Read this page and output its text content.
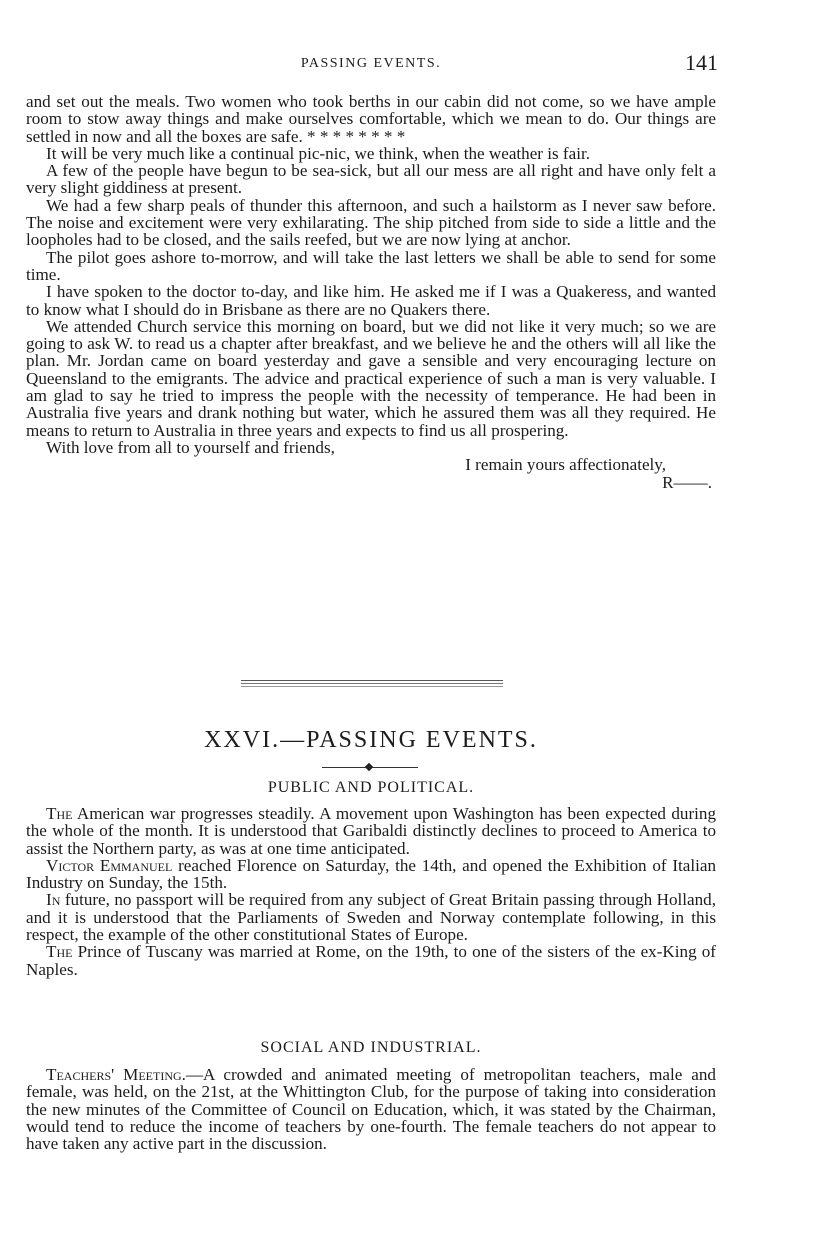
PASSING EVENTS.	141

and set out the meals. Two women who took berths in our cabin did not come, so we have ample room to stow away things and make ourselves comfortable, which we mean to do. Our things are settled in now and all the boxes are safe. * * * * * * * *

It will be very much like a continual pic-nic, we think, when the weather is fair.

A few of the people have begun to be sea-sick, but all our mess are all right and have only felt a very slight giddiness at present.

We had a few sharp peals of thunder this afternoon, and such a hailstorm as I never saw before. The noise and excitement were very exhilarating. The ship pitched from side to side a little and the loopholes had to be closed, and the sails reefed, but we are now lying at anchor.

The pilot goes ashore to-morrow, and will take the last letters we shall be able to send for some time.

I have spoken to the doctor to-day, and like him. He asked me if I was a Quakeress, and wanted to know what I should do in Brisbane as there are no Quakers there.

We attended Church service this morning on board, but we did not like it very much; so we are going to ask W. to read us a chapter after breakfast, and we believe he and the others will all like the plan. Mr. Jordan came on board yesterday and gave a sensible and very encouraging lecture on Queensland to the emigrants. The advice and practical experience of such a man is very valuable. I am glad to say he tried to impress the people with the necessity of temperance. He had been in Australia five years and drank nothing but water, which he assured them was all they required. He means to return to Australia in three years and expects to find us all prospering.

With love from all to yourself and friends,

I remain yours affectionately,

R——.

XXVI.—PASSING EVENTS.

PUBLIC AND POLITICAL.

The American war progresses steadily. A movement upon Washington has been expected during the whole of the month. It is understood that Garibaldi distinctly declines to proceed to America to assist the Northern party, as was at one time anticipated.

Victor Emmanuel reached Florence on Saturday, the 14th, and opened the Exhibition of Italian Industry on Sunday, the 15th.

In future, no passport will be required from any subject of Great Britain passing through Holland, and it is understood that the Parliaments of Sweden and Norway contemplate following, in this respect, the example of the other constitutional States of Europe.

The Prince of Tuscany was married at Rome, on the 19th, to one of the sisters of the ex-King of Naples.

SOCIAL AND INDUSTRIAL.

Teachers' Meeting.—A crowded and animated meeting of metropolitan teachers, male and female, was held, on the 21st, at the Whittington Club, for the purpose of taking into consideration the new minutes of the Committee of Council on Education, which, it was stated by the Chairman, would tend to reduce the income of teachers by one-fourth. The female teachers do not appear to have taken any active part in the discussion.
